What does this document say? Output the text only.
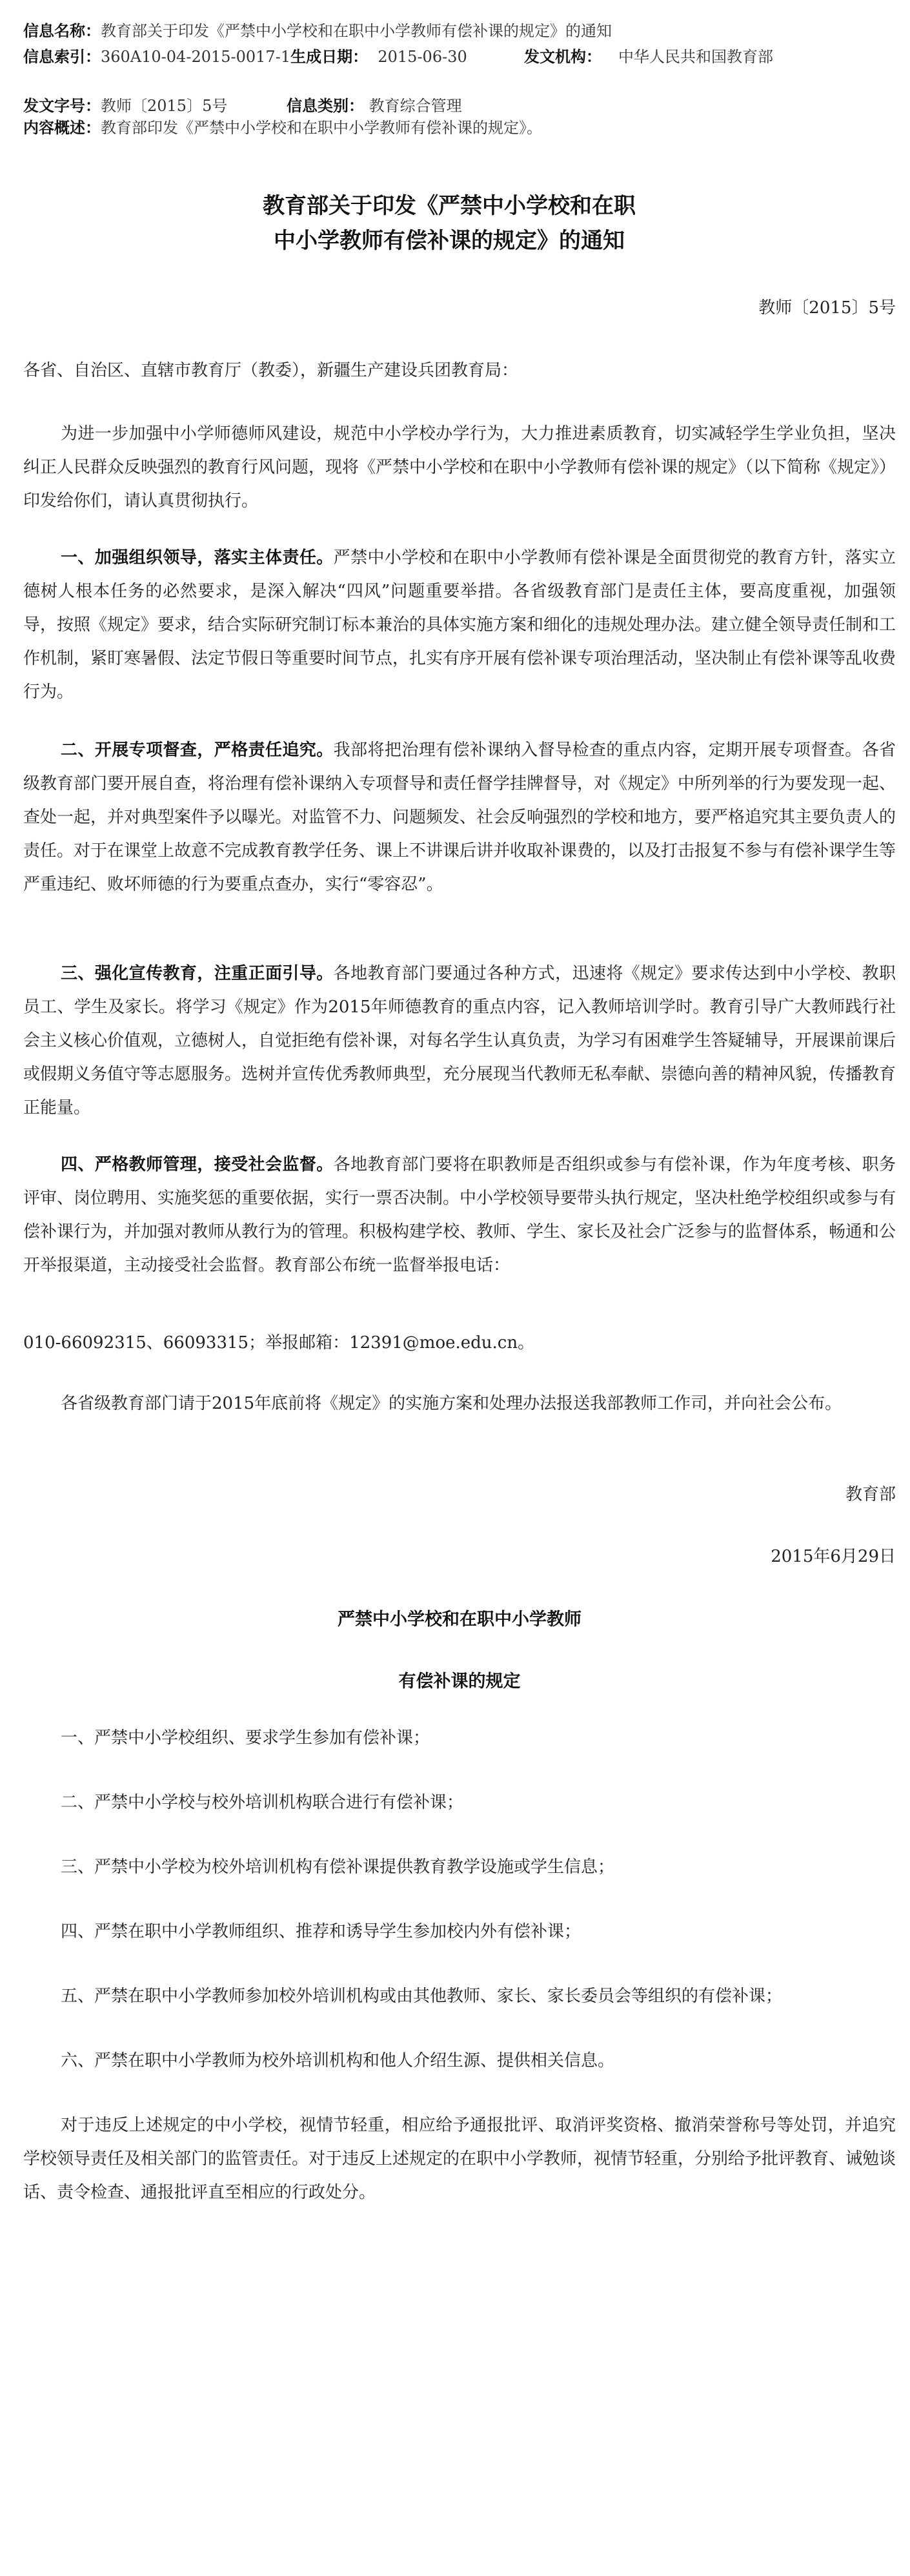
信息名称：教育部关于印发《严禁中小学校和在职中小学教师有偿补课的规定》的通知
信息索引：360A10-04-2015-0017-1生成日期： 2015-06-30	发文机构： 中华人民共和国教育部
发文字号：教师〔2015〕5号	信息类别： 教育综合管理
内容概述：教育部印发《严禁中小学校和在职中小学教师有偿补课的规定》。
教育部关于印发《严禁中小学校和在职
中小学教师有偿补课的规定》的通知
教师〔2015〕5号

各省、自治区、直辖市教育厅（教委），新疆生产建设兵团教育局：

为进一步加强中小学师德师风建设，规范中小学校办学行为，大力推进素质教育，切实减轻学生学业负担，坚决纠正人民群众反映强烈的教育行风问题，现将《严禁中小学校和在职中小学教师有偿补课的规定》（以下简称《规定》）印发给你们，请认真贯彻执行。

一、加强组织领导，落实主体责任。严禁中小学校和在职中小学教师有偿补课是全面贯彻党的教育方针，落实立德树人根本任务的必然要求，是深入解决“四风”问题重要举措。各省级教育部门是责任主体，要高度重视，加强领导，按照《规定》要求，结合实际研究制订标本兼治的具体实施方案和细化的违规处理办法。建立健全领导责任制和工作机制，紧盯寒暑假、法定节假日等重要时间节点，扎实有序开展有偿补课专项治理活动，坚决制止有偿补课等乱收费行为。

二、开展专项督查，严格责任追究。我部将把治理有偿补课纳入督导检查的重点内容，定期开展专项督查。各省级教育部门要开展自查，将治理有偿补课纳入专项督导和责任督学挂牌督导，对《规定》中所列举的行为要发现一起、查处一起，并对典型案件予以曝光。对监管不力、问题频发、社会反响强烈的学校和地方，要严格追究其主要负责人的责任。对于在课堂上故意不完成教育教学任务、课上不讲课后讲并收取补课费的，以及打击报复不参与有偿补课学生等严重违纪、败坏师德的行为要重点查办，实行“零容忍”。

三、强化宣传教育，注重正面引导。各地教育部门要通过各种方式，迅速将《规定》要求传达到中小学校、教职员工、学生及家长。将学习《规定》作为2015年师德教育的重点内容，记入教师培训学时。教育引导广大教师践行社会主义核心价值观，立德树人，自觉拒绝有偿补课，对每名学生认真负责，为学习有困难学生答疑辅导，开展课前课后或假期义务值守等志愿服务。选树并宣传优秀教师典型，充分展现当代教师无私奉献、崇德向善的精神风貌，传播教育正能量。

四、严格教师管理，接受社会监督。各地教育部门要将在职教师是否组织或参与有偿补课，作为年度考核、职务评审、岗位聘用、实施奖惩的重要依据，实行一票否决制。中小学校领导要带头执行规定，坚决杜绝学校组织或参与有偿补课行为，并加强对教师从教行为的管理。积极构建学校、教师、学生、家长及社会广泛参与的监督体系，畅通和公开举报渠道，主动接受社会监督。教育部公布统一监督举报电话：

010-66092315、66093315；举报邮箱：12391@moe.edu.cn。

各省级教育部门请于2015年底前将《规定》的实施方案和处理办法报送我部教师工作司，并向社会公布。

教育部
2015年6月29日
严禁中小学校和在职中小学教师
有偿补课的规定

一、严禁中小学校组织、要求学生参加有偿补课；

二、严禁中小学校与校外培训机构联合进行有偿补课；

三、严禁中小学校为校外培训机构有偿补课提供教育教学设施或学生信息；

四、严禁在职中小学教师组织、推荐和诱导学生参加校内外有偿补课；

五、严禁在职中小学教师参加校外培训机构或由其他教师、家长、家长委员会等组织的有偿补课；

六、严禁在职中小学教师为校外培训机构和他人介绍生源、提供相关信息。

对于违反上述规定的中小学校，视情节轻重，相应给予通报批评、取消评奖资格、撤消荣誉称号等处罚，并追究学校领导责任及相关部门的监管责任。对于违反上述规定的在职中小学教师，视情节轻重，分别给予批评教育、诫勉谈话、责令检查、通报批评直至相应的行政处分。
